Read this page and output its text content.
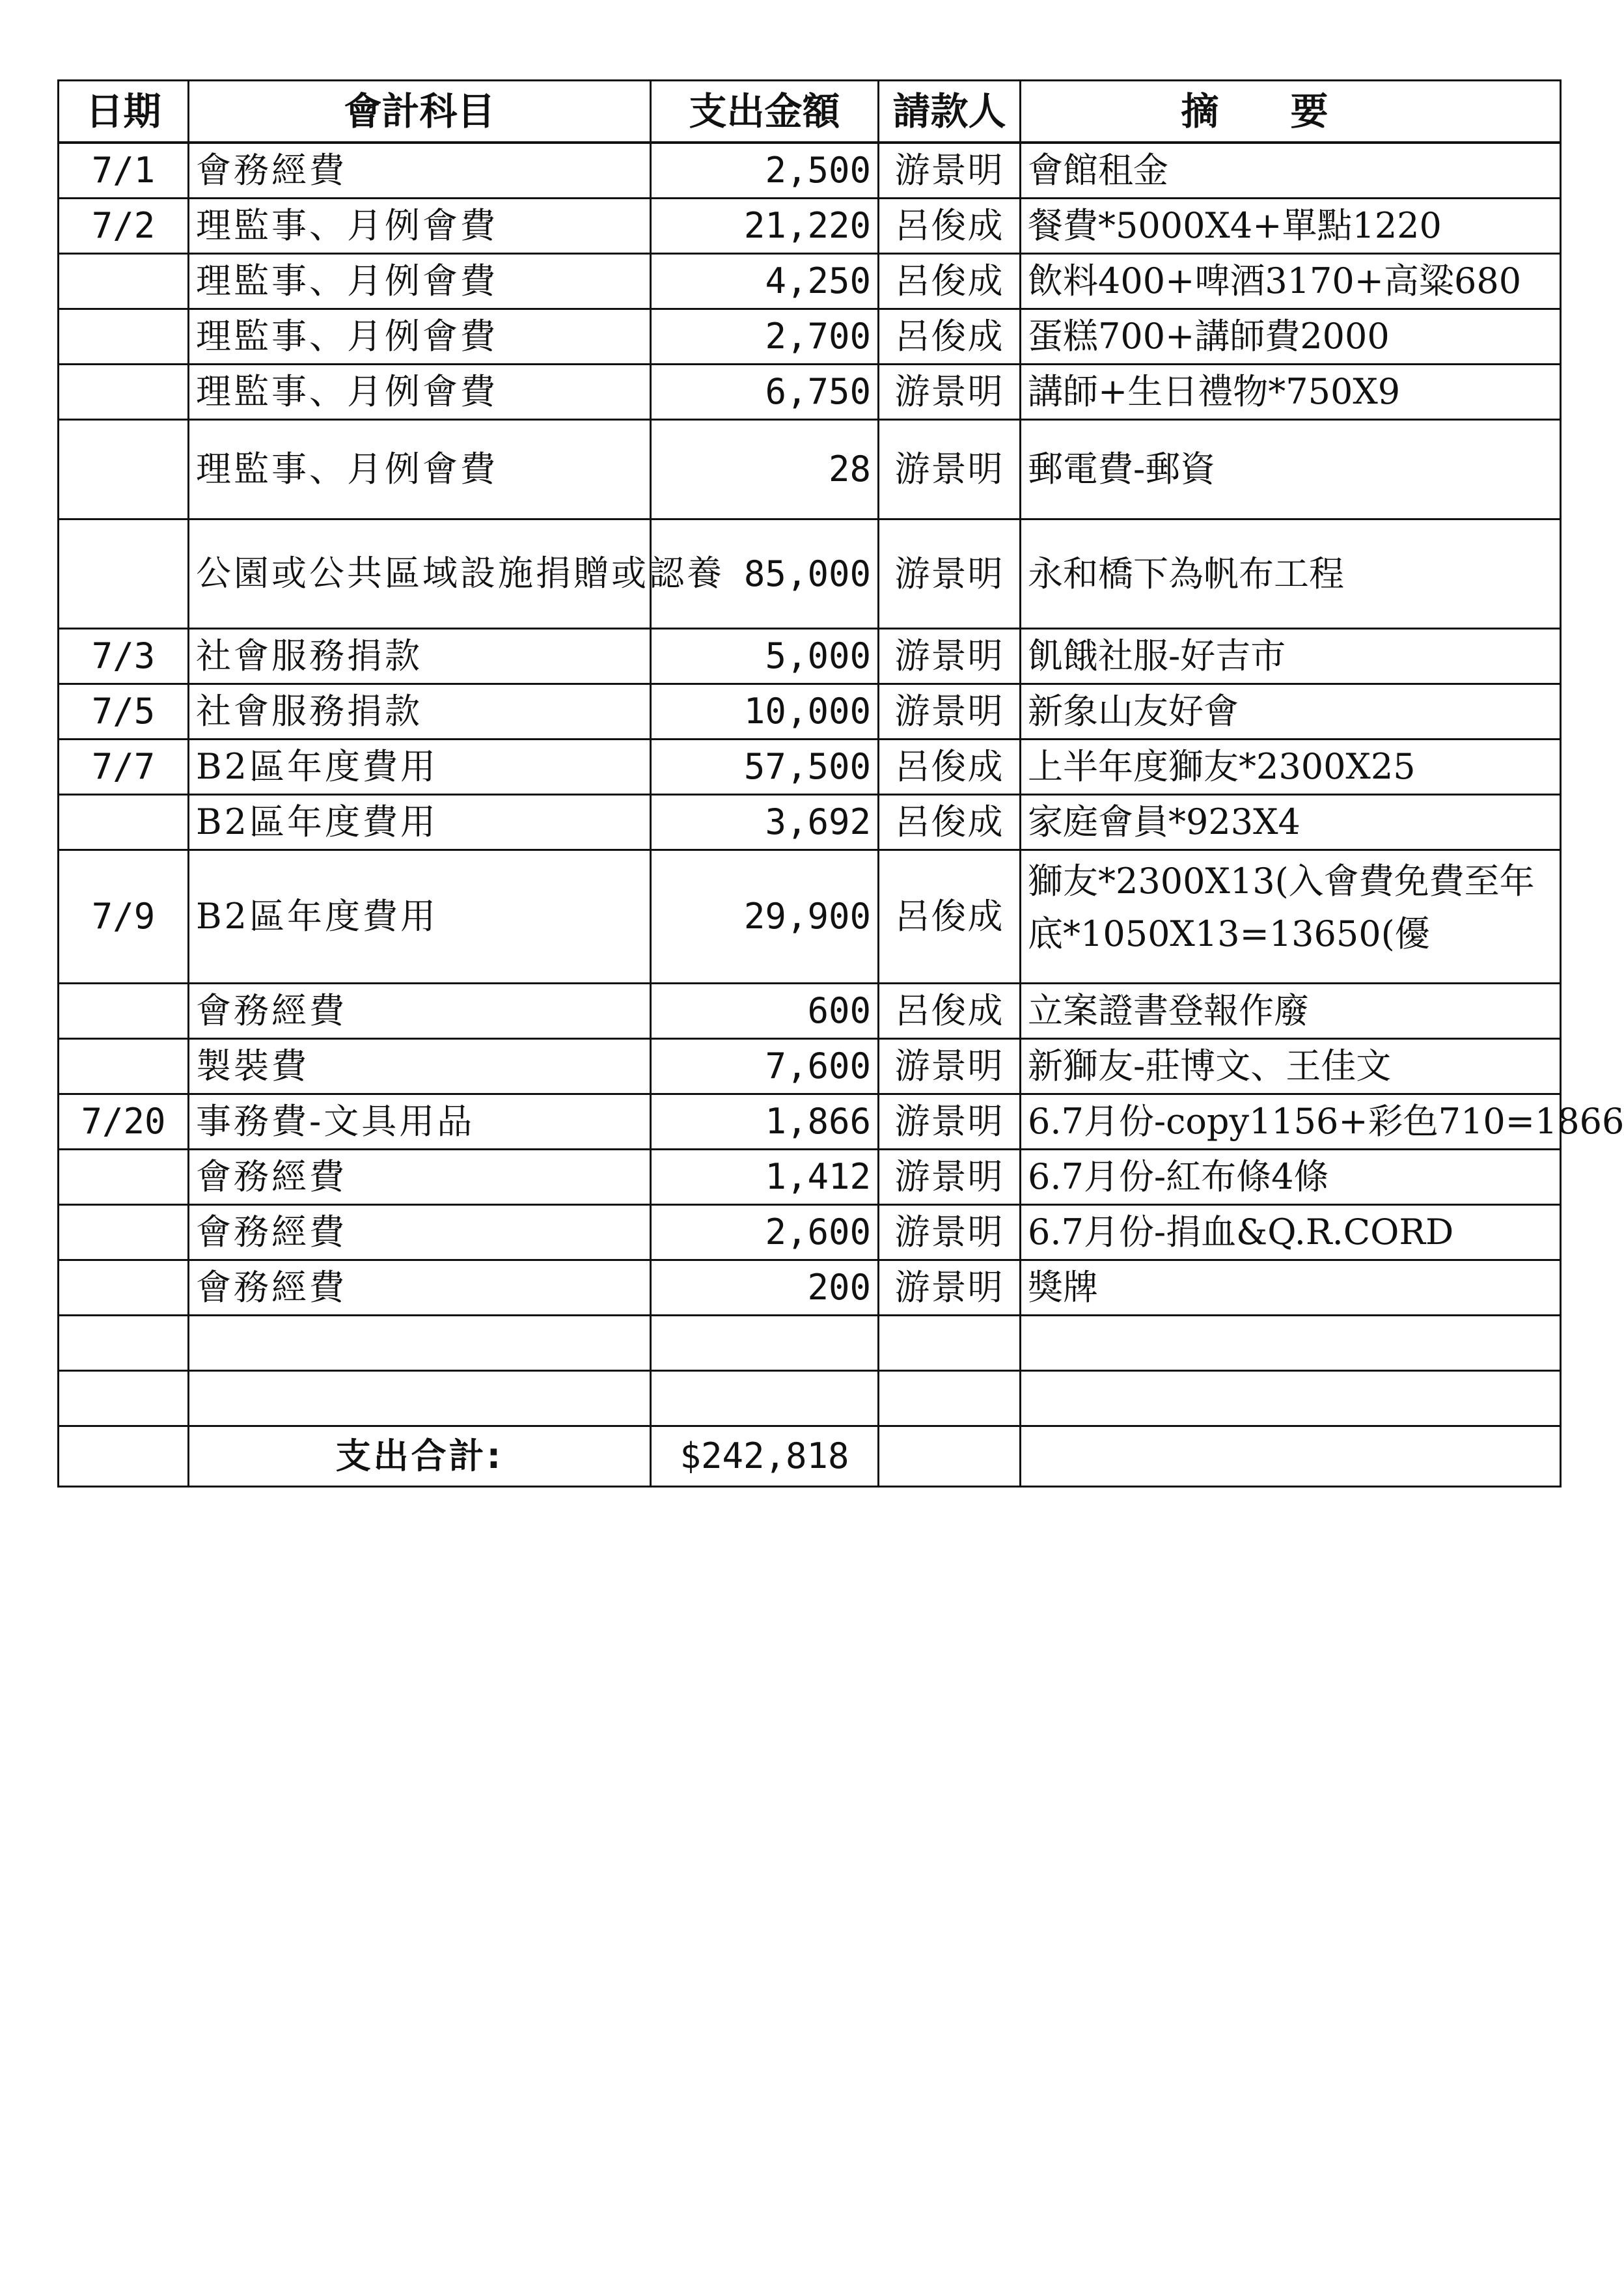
日期	會計科目	支出金額	請款人	摘要
7/1	會務經費	2,500	游景明	會館租金
7/2	理監事、月例會費	21,220	呂俊成	餐費*5000X4+單點1220
	理監事、月例會費	4,250	呂俊成	飲料400+啤酒3170+高粱680
	理監事、月例會費	2,700	呂俊成	蛋糕700+講師費2000
	理監事、月例會費	6,750	游景明	講師+生日禮物*750X9
	理監事、月例會費	28	游景明	郵電費-郵資
	公園或公共區域設施捐贈或認養	85,000	游景明	永和橋下為帆布工程
7/3	社會服務捐款	5,000	游景明	飢餓社服-好吉市
7/5	社會服務捐款	10,000	游景明	新象山友好會
7/7	B2區年度費用	57,500	呂俊成	上半年度獅友*2300X25
	B2區年度費用	3,692	呂俊成	家庭會員*923X4
7/9	B2區年度費用	29,900	呂俊成	獅友*2300X13(入會費免費至年底*1050X13=13650(優

	會務經費	600	呂俊成	立案證書登報作廢
	製裝費	7,600	游景明	新獅友-莊博文、王佳文
7/20	事務費-文具用品	1,866	游景明	6.7月份-copy1156+彩色710=1866
	會務經費	1,412	游景明	6.7月份-紅布條4條
	會務經費	2,600	游景明	6.7月份-捐血&Q.R.CORD
	會務經費	200	游景明	獎牌

	支出合計:	$242,818		
